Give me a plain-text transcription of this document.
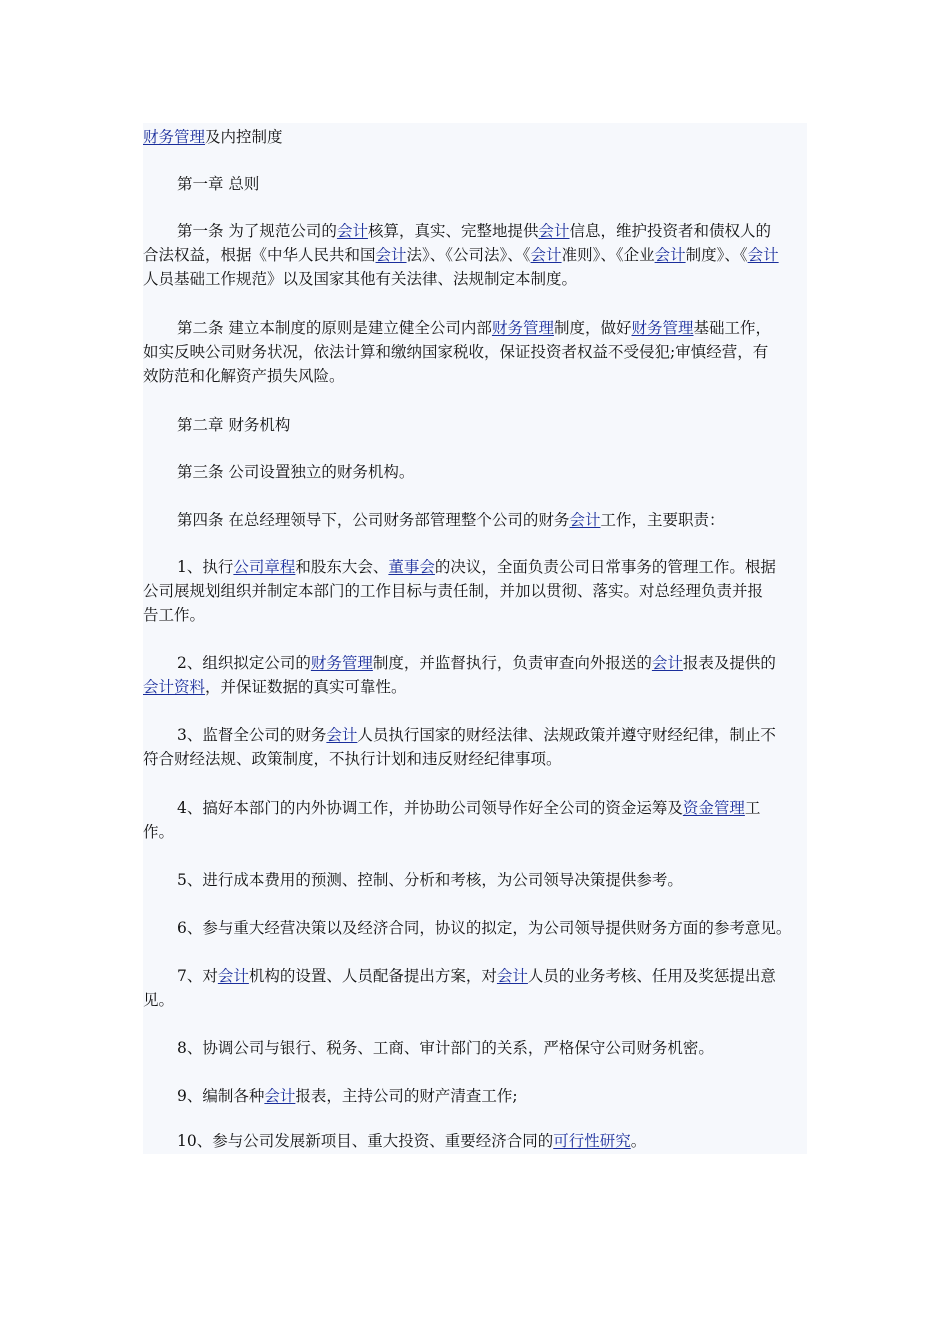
财务管理及内控制度

第一章 总则

第一条 为了规范公司的会计核算，真实、完整地提供会计信息，维护投资者和债权人的
合法权益，根据《中华人民共和国会计法》、《公司法》、《会计准则》、《企业会计制度》、《会计
人员基础工作规范》以及国家其他有关法律、法规制定本制度。

第二条 建立本制度的原则是建立健全公司内部财务管理制度，做好财务管理基础工作，
如实反映公司财务状况，依法计算和缴纳国家税收，保证投资者权益不受侵犯;审慎经营，有
效防范和化解资产损失风险。

第二章 财务机构

第三条 公司设置独立的财务机构。

第四条 在总经理领导下，公司财务部管理整个公司的财务会计工作，主要职责：

1、执行公司章程和股东大会、董事会的决议，全面负责公司日常事务的管理工作。根据
公司展规划组织并制定本部门的工作目标与责任制，并加以贯彻、落实。对总经理负责并报
告工作。

2、组织拟定公司的财务管理制度，并监督执行，负责审查向外报送的会计报表及提供的
会计资料，并保证数据的真实可靠性。

3、监督全公司的财务会计人员执行国家的财经法律、法规政策并遵守财经纪律，制止不
符合财经法规、政策制度，不执行计划和违反财经纪律事项。

4、搞好本部门的内外协调工作，并协助公司领导作好全公司的资金运筹及资金管理工
作。

5、进行成本费用的预测、控制、分析和考核，为公司领导决策提供参考。

6、参与重大经营决策以及经济合同，协议的拟定，为公司领导提供财务方面的参考意见。

7、对会计机构的设置、人员配备提出方案，对会计人员的业务考核、任用及奖惩提出意
见。

8、协调公司与银行、税务、工商、审计部门的关系，严格保守公司财务机密。

9、编制各种会计报表，主持公司的财产清查工作;

10、参与公司发展新项目、重大投资、重要经济合同的可行性研究。
